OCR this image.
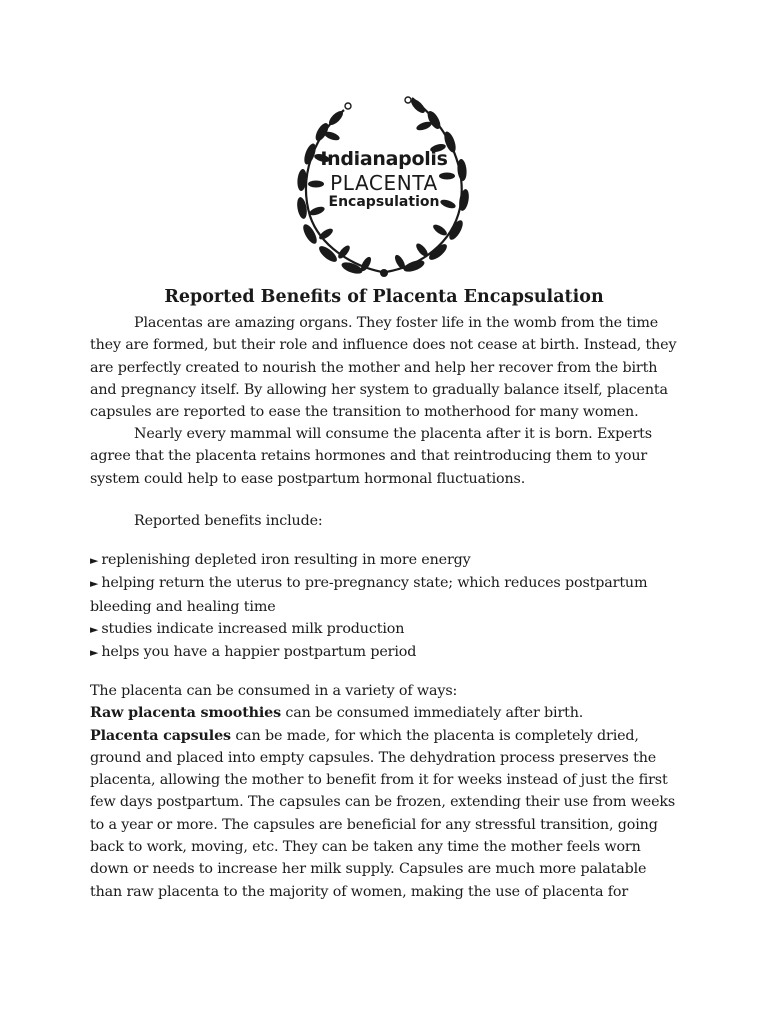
Indianapolis
PLACENTA
Encapsulation
Reported Benefits of Placenta Encapsulation

Placentas are amazing organs. They foster life in the womb from the time they are formed, but their role and influence does not cease at birth. Instead, they are perfectly created to nourish the mother and help her recover from the birth and pregnancy itself. By allowing her system to gradually balance itself, placenta capsules are reported to ease the transition to motherhood for many women.

Nearly every mammal will consume the placenta after it is born. Experts agree that the placenta retains hormones and that reintroducing them to your system could help to ease postpartum hormonal fluctuations.

Reported benefits include:

► replenishing depleted iron resulting in more energy

► helping return the uterus to pre-pregnancy state; which reduces postpartum bleeding and healing time

► studies indicate increased milk production

► helps you have a happier postpartum period

The placenta can be consumed in a variety of ways:

Raw placenta smoothies can be consumed immediately after birth.

Placenta capsules can be made, for which the placenta is completely dried, ground and placed into empty capsules. The dehydration process preserves the placenta, allowing the mother to benefit from it for weeks instead of just the first few days postpartum. The capsules can be frozen, extending their use from weeks to a year or more. The capsules are beneficial for any stressful transition, going back to work, moving, etc. They can be taken any time the mother feels worn down or needs to increase her milk supply. Capsules are much more palatable than raw placenta to the majority of women, making the use of placenta for
